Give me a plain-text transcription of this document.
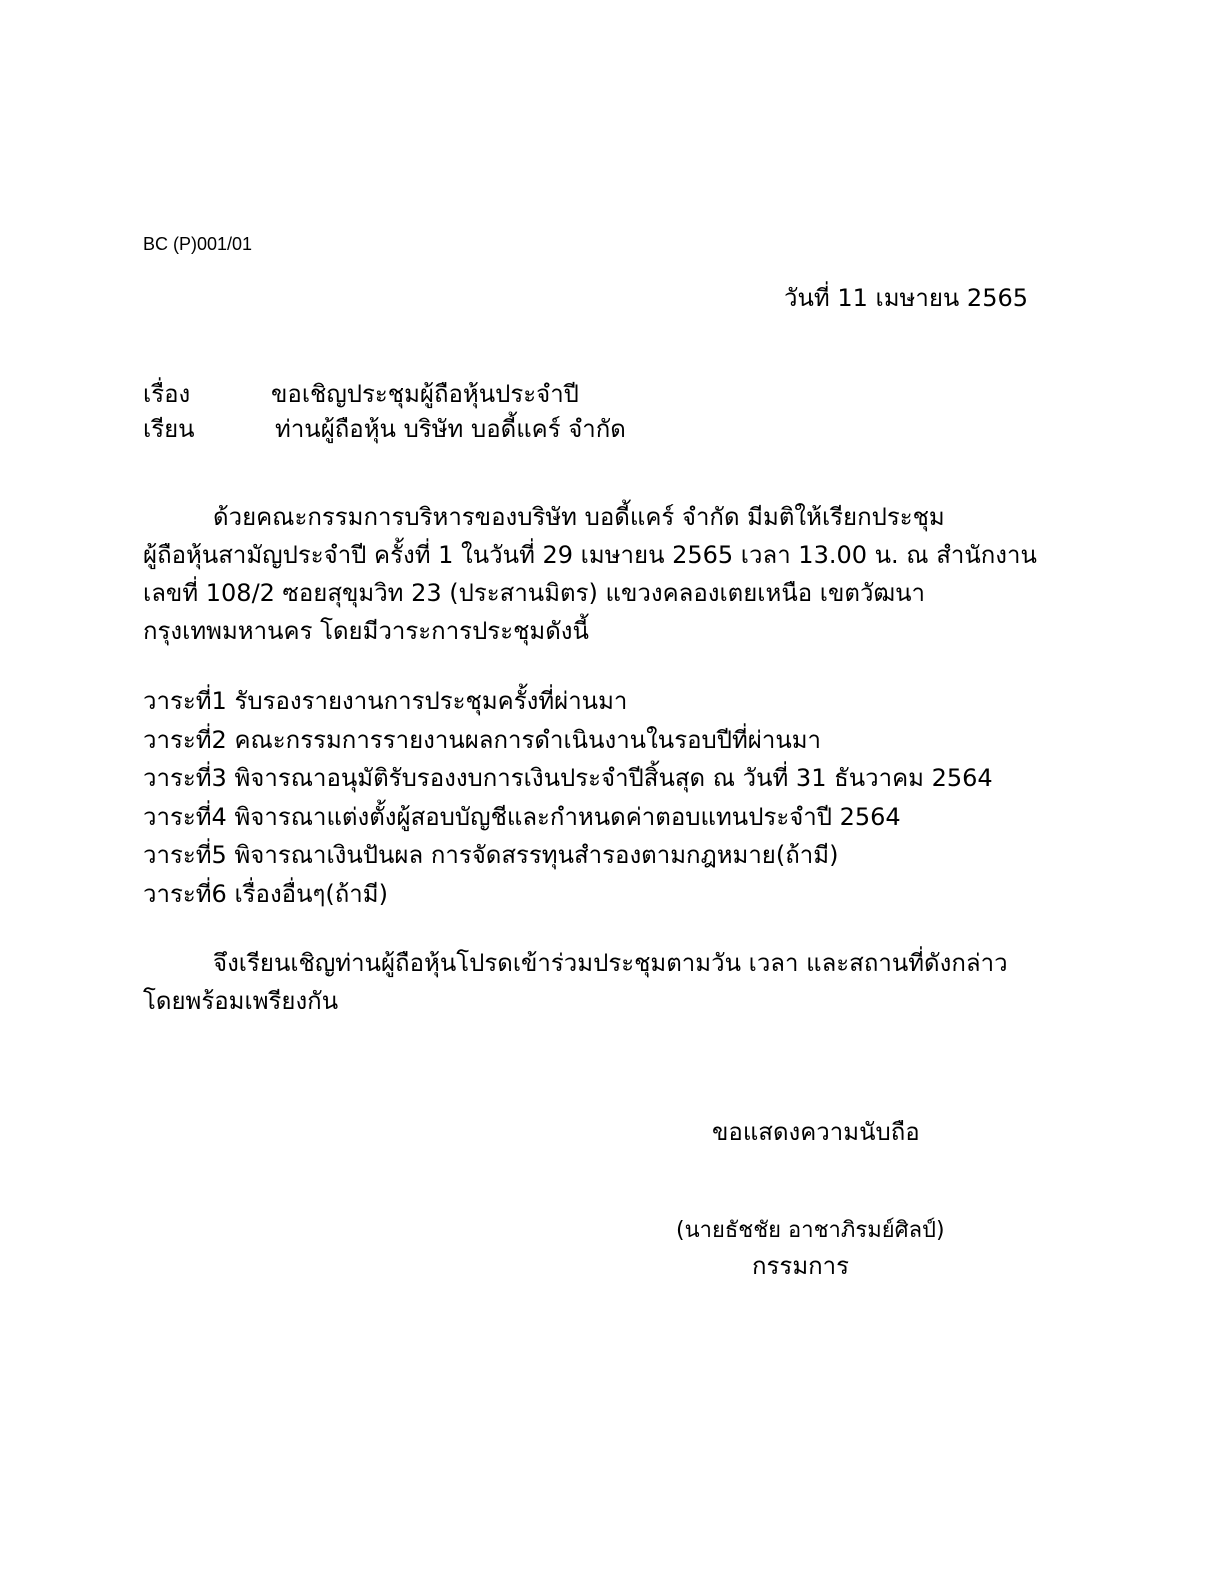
BC (P)001/01
วันที่ 11 เมษายน 2565
เรื่อง	ขอเชิญประชุมผู้ถือหุ้นประจำปี
เรียน	ท่านผู้ถือหุ้น บริษัท บอดี้แคร์ จำกัด
ด้วยคณะกรรมการบริหารของบริษัท บอดี้แคร์ จำกัด มีมติให้เรียกประชุม
ผู้ถือหุ้นสามัญประจำปี ครั้งที่ 1 ในวันที่ 29 เมษายน 2565 เวลา 13.00 น. ณ สำนักงาน
เลขที่ 108/2 ซอยสุขุมวิท 23 (ประสานมิตร) แขวงคลองเตยเหนือ เขตวัฒนา
กรุงเทพมหานคร โดยมีวาระการประชุมดังนี้
วาระที่1 รับรองรายงานการประชุมครั้งที่ผ่านมา
วาระที่2 คณะกรรมการรายงานผลการดำเนินงานในรอบปีที่ผ่านมา
วาระที่3 พิจารณาอนุมัติรับรองงบการเงินประจำปีสิ้นสุด ณ วันที่ 31 ธันวาคม 2564
วาระที่4 พิจารณาแต่งตั้งผู้สอบบัญชีและกำหนดค่าตอบแทนประจำปี 2564
วาระที่5 พิจารณาเงินปันผล การจัดสรรทุนสำรองตามกฎหมาย(ถ้ามี)
วาระที่6 เรื่องอื่นๆ(ถ้ามี)
จึงเรียนเชิญท่านผู้ถือหุ้นโปรดเข้าร่วมประชุมตามวัน เวลา และสถานที่ดังกล่าว
โดยพร้อมเพรียงกัน
ขอแสดงความนับถือ
(นายธัชชัย อาชาภิรมย์ศิลป์)
กรรมการ
